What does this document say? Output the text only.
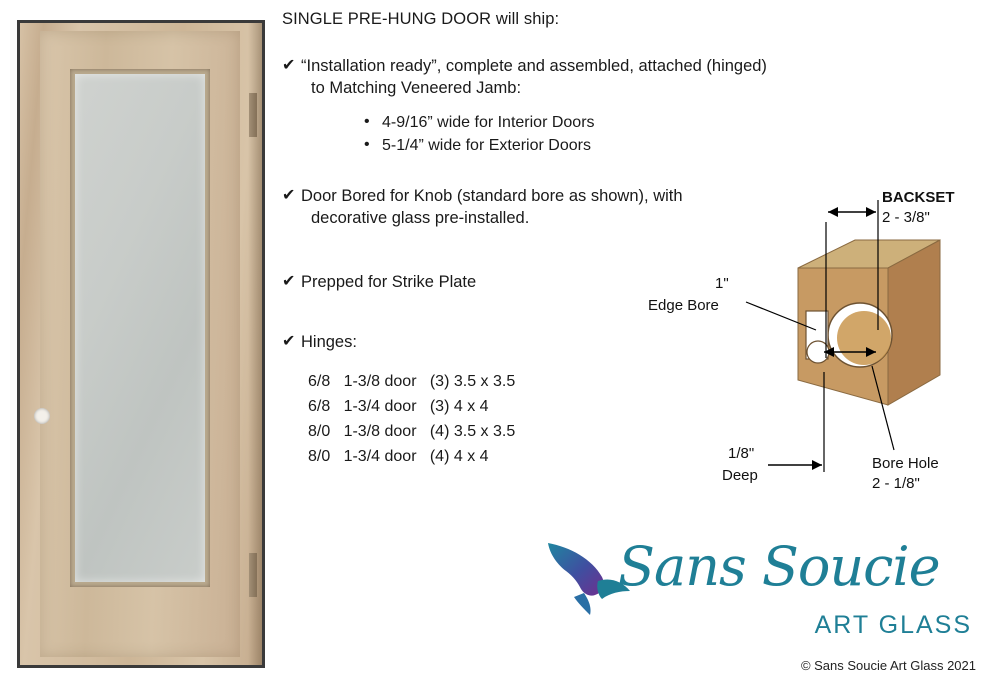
SINGLE PRE-HUNG DOOR will ship:
✔ “Installation ready”, complete and assembled, attached (hinged)
to Matching Veneered Jamb:
• 4-9/16” wide for Interior Doors
• 5-1/4” wide for Exterior Doors
✔ Door Bored for Knob (standard bore as shown), with
decorative glass pre-installed.
✔ Prepped for Strike Plate
✔ Hinges:
6/8   1-3/8 door   (3) 3.5 x 3.5
6/8   1-3/4 door   (3) 4 x 4
8/0   1-3/8 door   (4) 3.5 x 3.5
8/0   1-3/4 door   (4) 4 x 4
BACKSET
2 - 3/8"
1"
Edge Bore
1/8"
Deep
Bore Hole
2 - 1/8"
Sans Soucie
ART GLASS
© Sans Soucie Art Glass 2021
